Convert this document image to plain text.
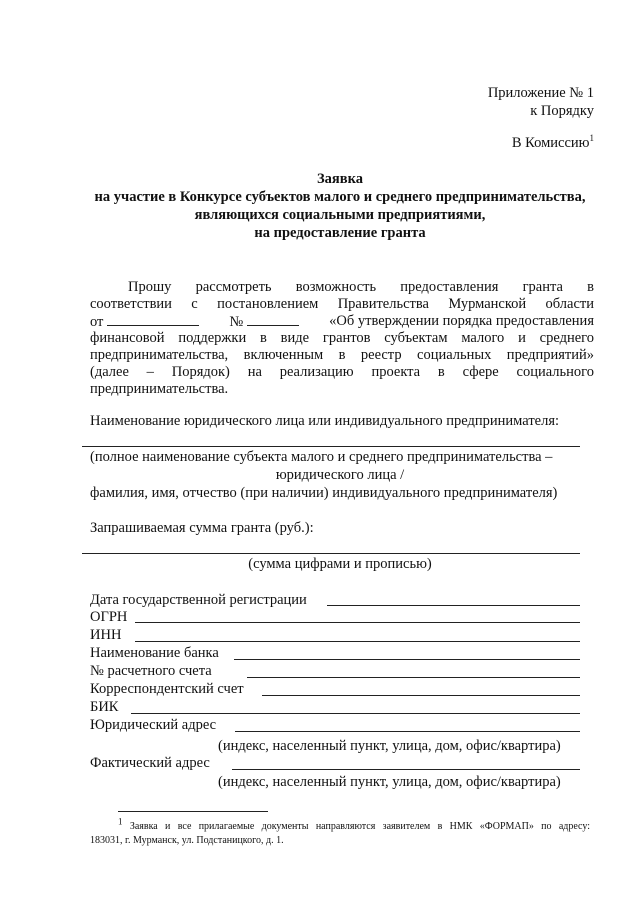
Приложение № 1
к Порядку
В Комиссию$^1$
Заявка
на участие в Конкурсе субъектов малого и среднего предпринимательства,
являющихся социальными предприятиями,
на предоставление гранта
Прошу рассмотреть возможность предоставления гранта в
соответствии с постановлением Правительства Мурманской области
от	№	«Об утверждении порядка предоставления
финансовой поддержки в виде грантов субъектам малого и среднего
предпринимательства, включенным в реестр социальных предприятий»
(далее – Порядок) на реализацию проекта в сфере социального
предпринимательства.
Наименование юридического лица или индивидуального предпринимателя:
(полное наименование субъекта малого и среднего предпринимательства –
юридического лица /
фамилия, имя, отчество (при наличии) индивидуального предпринимателя)
Запрашиваемая сумма гранта (руб.):
(сумма цифрами и прописью)
Дата государственной регистрации
ОГРН
ИНН
Наименование банка
№ расчетного счета
Корреспондентский счет
БИК
Юридический адрес
(индекс, населенный пункт, улица, дом, офис/квартира)
Фактический адрес
(индекс, населенный пункт, улица, дом, офис/квартира)
$^1$ Заявка и все прилагаемые документы направляются заявителем в НМК «ФОРМАП» по адресу:
183031, г. Мурманск, ул. Подстаницкого, д. 1.
